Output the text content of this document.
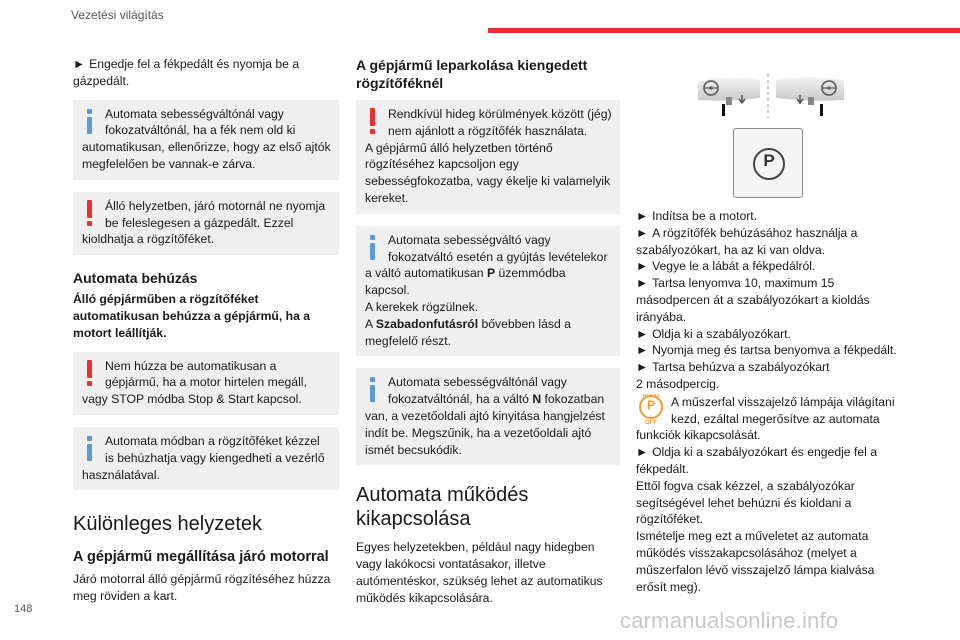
Vezetési világítás

► Engedje fel a fékpedált és nyomja be a gázpedált.

Automata sebességváltónál vagy fokozatváltónál, ha a fék nem old ki automatikusan, ellenőrizze, hogy az első ajtók megfelelően be vannak-e zárva.
Álló helyzetben, járó motornál ne nyomja be feleslegesen a gázpedált. Ezzel kioldhatja a rögzítőféket.
Automata behúzás

Álló gépjárműben a rögzítőféket automatikusan behúzza a gépjármű, ha a motort leállítják.

Nem húzza be automatikusan a gépjármű, ha a motor hirtelen megáll, vagy STOP módba Stop & Start kapcsol.
Automata módban a rögzítőféket kézzel is behúzhatja vagy kiengedheti a vezérlő használatával.
Különleges helyzetek
A gépjármű megállítása járó motorral

Járó motorral álló gépjármű rögzítéséhez húzza meg röviden a kart.

A gépjármű leparkolása kiengedett rögzítőféknél
Rendkívül hideg körülmények között (jég) nem ajánlott a rögzítőfék használata.
A gépjármű álló helyzetben történő rögzítéséhez kapcsoljon egy sebességfokozatba, vagy ékelje ki valamelyik kereket.
Automata sebességváltó vagy fokozatváltó esetén a gyújtás levételekor a váltó automatikusan P üzemmódba kapcsol.
A kerekek rögzülnek.
A Szabadonfutásról bővebben lásd a megfelelő részt.
Automata sebességváltónál vagy fokozatváltónál, ha a váltó N fokozatban van, a vezetőoldali ajtó kinyitása hangjelzést indít be. Megszűnik, ha a vezetőoldali ajtó ismét becsukódik.
Automata működés kikapcsolása

Egyes helyzetekben, például nagy hidegben vagy lakókocsi vontatásakor, illetve autómentéskor, szükség lehet az automatikus működés kikapcsolására.

P

► Indítsa be a motort.

► A rögzítőfék behúzásához használja a szabályozókart, ha az ki van oldva.

► Vegye le a lábát a fékpedálról.

► Tartsa lenyomva 10, maximum 15 másodpercen át a szabályozókart a kioldás irányába.

► Oldja ki a szabályozókart.

► Nyomja meg és tartsa benyomva a fékpedált.

► Tartsa behúzva a szabályozókart

2 másodpercig.

AUTO
P
OFF

A műszerfal visszajelző lámpája világítani kezd, ezáltal megerősítve az automata funkciók kikapcsolását.

► Oldja ki a szabályozókart és engedje fel a fékpedált.

Ettől fogva csak kézzel, a szabályozókar segítségével lehet behúzni és kioldani a rögzítőféket.

Ismételje meg ezt a műveletet az automata működés visszakapcsolásához (melyet a műszerfalon lévő visszajelző lámpa kialvása erősít meg).

148	carmanualsonline.info
